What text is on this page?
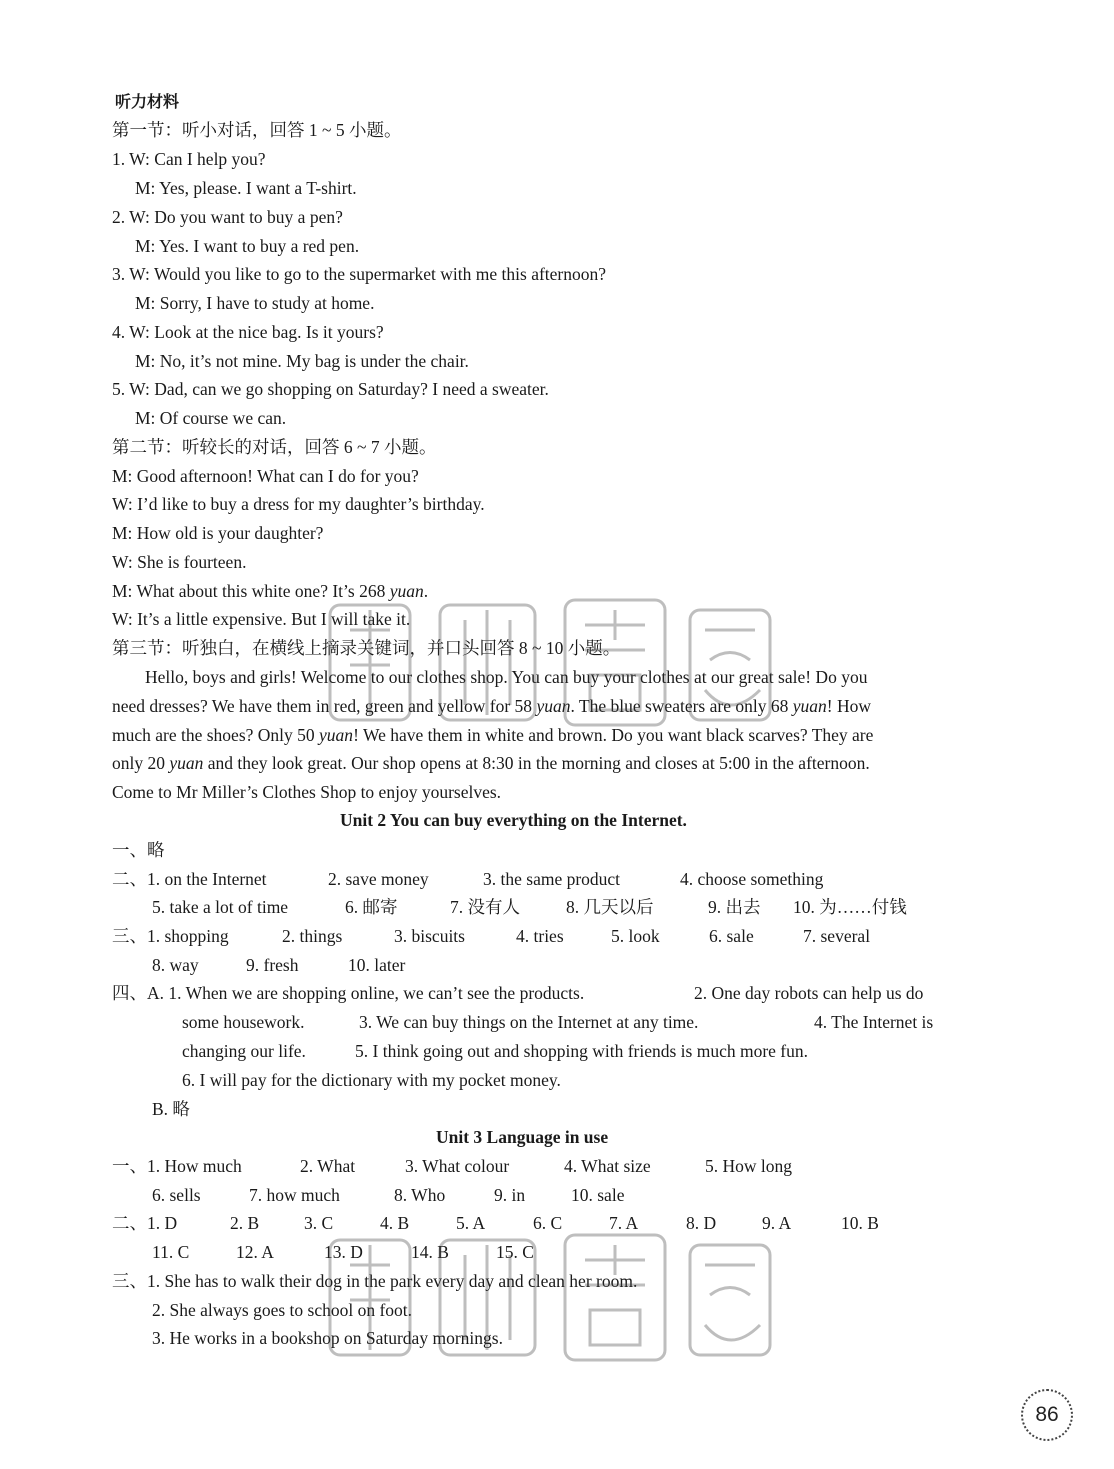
听力材料
第一节：听小对话，回答 1 ~ 5 小题。
1. W: Can I help you?
M: Yes, please. I want a T-shirt.
2. W: Do you want to buy a pen?
M: Yes. I want to buy a red pen.
3. W: Would you like to go to the supermarket with me this afternoon?
M: Sorry, I have to study at home.
4. W: Look at the nice bag. Is it yours?
M: No, it’s not mine. My bag is under the chair.
5. W: Dad, can we go shopping on Saturday? I need a sweater.
M: Of course we can.
第二节：听较长的对话，回答 6 ~ 7 小题。
M: Good afternoon! What can I do for you?
W: I’d like to buy a dress for my daughter’s birthday.
M: How old is your daughter?
W: She is fourteen.
M: What about this white one? It’s 268 yuan.
W: It’s a little expensive. But I will take it.
第三节：听独白，在横线上摘录关键词，并口头回答 8 ~ 10 小题。
Hello, boys and girls! Welcome to our clothes shop. You can buy your clothes at our great sale! Do you
need dresses? We have them in red, green and yellow for 58 yuan. The blue sweaters are only 68 yuan! How
much are the shoes? Only 50 yuan! We have them in white and brown. Do you want black scarves? They are
only 20 yuan and they look great. Our shop opens at 8:30 in the morning and closes at 5:00 in the afternoon.
Come to Mr Miller’s Clothes Shop to enjoy yourselves.
Unit 2 You can buy everything on the Internet.
一、略
二、1. on the Internet	2. save money	3. the same product	4. choose something
5. take a lot of time	6. 邮寄	7. 没有人	8. 几天以后	9. 出去 10. 为……付钱
三、1. shopping	2. things	3. biscuits	4. tries	5. look	6. sale	7. several
8. way	9. fresh	10. later
四、A. 1. When we are shopping online, we can’t see the products.	2. One day robots can help us do
some housework.	3. We can buy things on the Internet at any time.	4. The Internet is
changing our life.	5. I think going out and shopping with friends is much more fun.
6. I will pay for the dictionary with my pocket money.
B. 略
Unit 3 Language in use
一、1. How much	2. What	3. What colour	4. What size	5. How long
6. sells	7. how much	8. Who	9. in	10. sale
二、1. D	2. B	3. C	4. B	5. A	6. C	7. A	8. D	9. A	10. B
11. C	12. A	13. D	14. B	15. C
三、1. She has to walk their dog in the park every day and clean her room.
2. She always goes to school on foot.
3. He works in a bookshop on Saturday mornings.
86
